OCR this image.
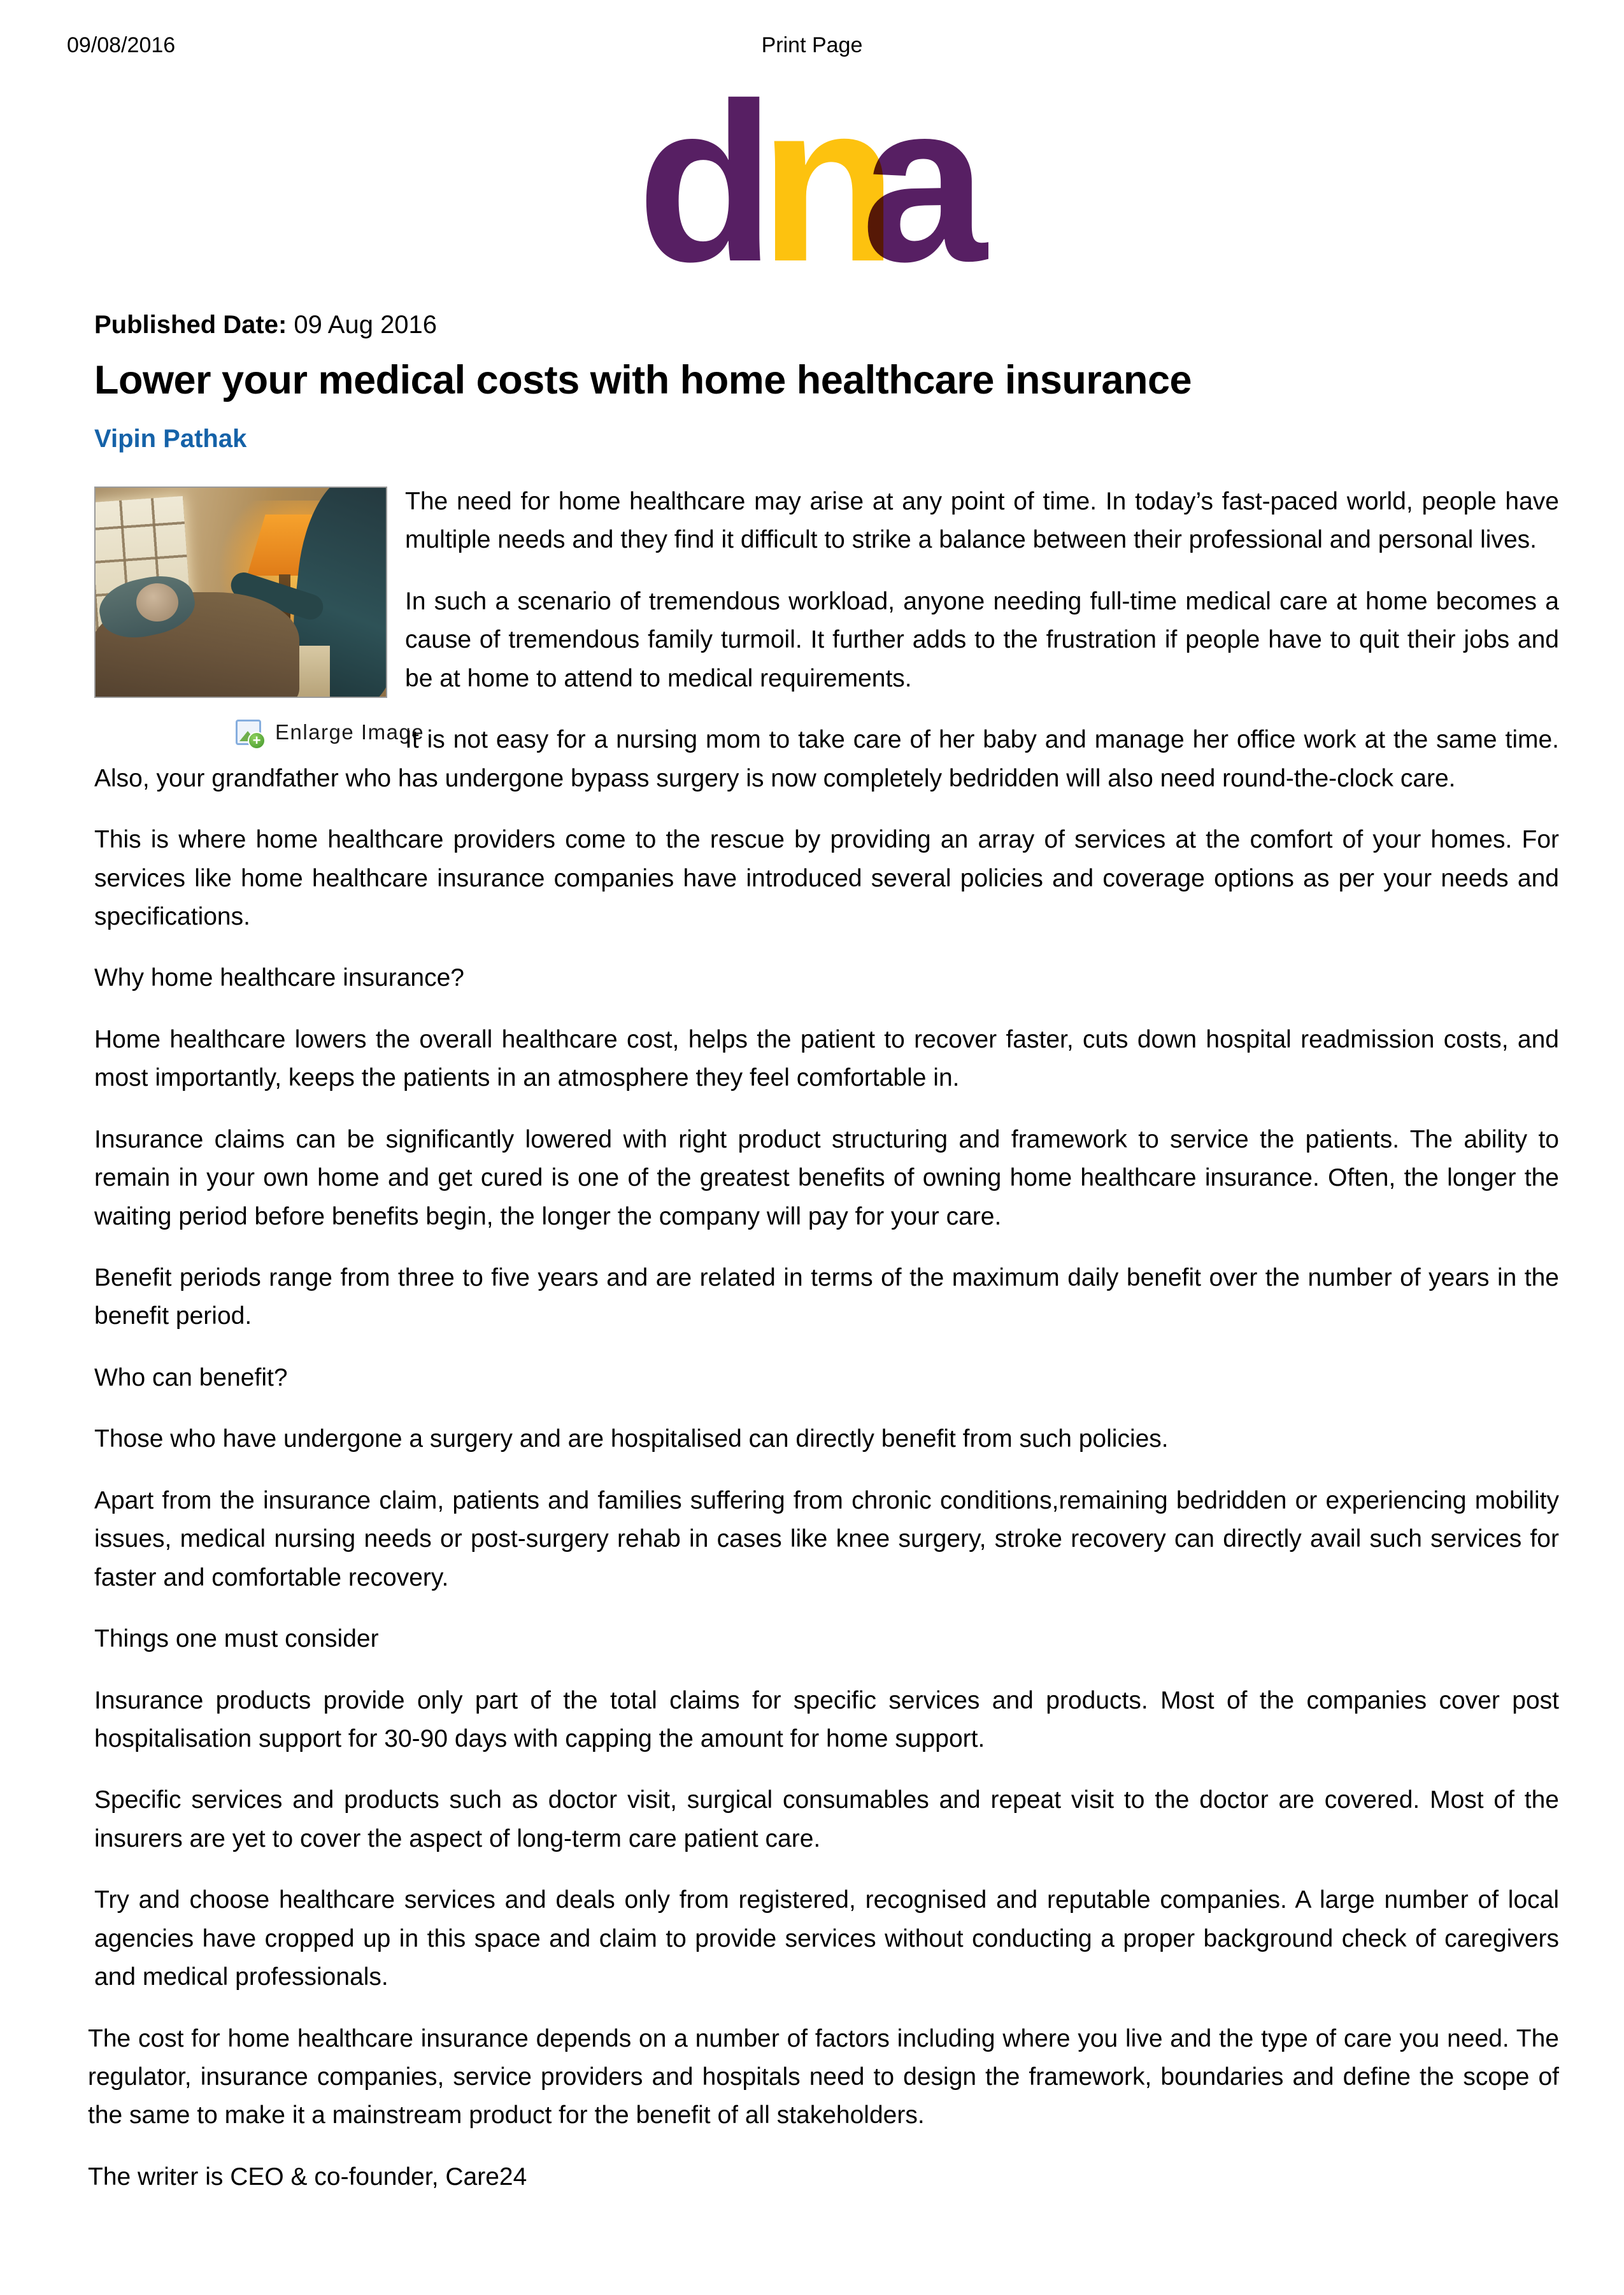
09/08/2016	Print Page
dna
Published Date: 09 Aug 2016
Lower your medical costs with home healthcare insurance
Vipin Pathak
+ Enlarge Image

The need for home healthcare may arise at any point of time. In today’s fast-paced world, people have multiple needs and they find it difficult to strike a balance between their professional and personal lives.

In such a scenario of tremendous workload, anyone needing full-time medical care at home becomes a cause of tremendous family turmoil. It further adds to the frustration if people have to quit their jobs and be at home to attend to medical requirements.

It is not easy for a nursing mom to take care of her baby and manage her office work at the same time. Also, your grandfather who has undergone bypass surgery is now completely bedridden will also need round-the-clock care.

This is where home healthcare providers come to the rescue by providing an array of services at the comfort of your homes. For services like home healthcare insurance companies have introduced several policies and coverage options as per your needs and specifications.

Why home healthcare insurance?

Home healthcare lowers the overall healthcare cost, helps the patient to recover faster, cuts down hospital readmission costs, and most importantly, keeps the patients in an atmosphere they feel comfortable in.

Insurance claims can be significantly lowered with right product structuring and framework to service the patients. The ability to remain in your own home and get cured is one of the greatest benefits of owning home healthcare insurance. Often, the longer the waiting period before benefits begin, the longer the company will pay for your care.

Benefit periods range from three to five years and are related in terms of the maximum daily benefit over the number of years in the benefit period.

Who can benefit?

Those who have undergone a surgery and are hospitalised can directly benefit from such policies.

Apart from the insurance claim, patients and families suffering from chronic conditions,remaining bedridden or experiencing mobility issues, medical nursing needs or post-surgery rehab in cases like knee surgery, stroke recovery can directly avail such services for faster and comfortable recovery.

Things one must consider

Insurance products provide only part of the total claims for specific services and products. Most of the companies cover post hospitalisation support for 30-90 days with capping the amount for home support.

Specific services and products such as doctor visit, surgical consumables and repeat visit to the doctor are covered. Most of the insurers are yet to cover the aspect of long-term care patient care.

Try and choose healthcare services and deals only from registered, recognised and reputable companies. A large number of local agencies have cropped up in this space and claim to provide services without conducting a proper background check of caregivers and medical professionals.

The cost for home healthcare insurance depends on a number of factors including where you live and the type of care you need. The regulator, insurance companies, service providers and hospitals need to design the framework, boundaries and define the scope of the same to make it a mainstream product for the benefit of all stakeholders.

The writer is CEO & co-founder, Care24
